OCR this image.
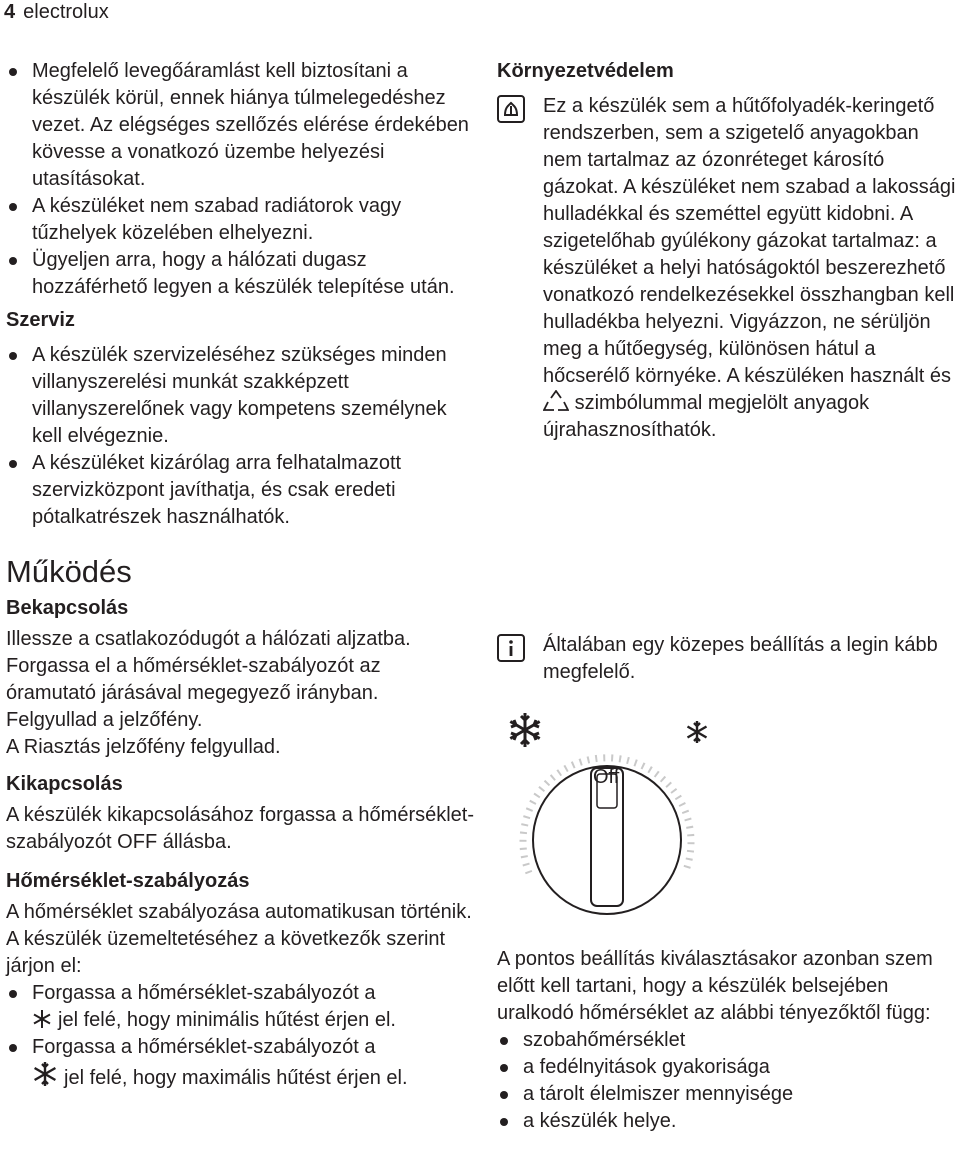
4 electrolux
Megfelelő levegőáramlást kell biztosítani a készülék körül, ennek hiánya túlmelegedéshez vezet. Az elégséges szellőzés elérése érdekében kövesse a vonatkozó üzembe helyezési utasításokat.
A készüléket nem szabad radiátorok vagy tűzhelyek közelében elhelyezni.
Ügyeljen arra, hogy a hálózati dugasz hozzáférhető legyen a készülék telepítése után.

Szerviz

A készülék szervizeléséhez szükséges minden villanyszerelési munkát szakképzett villanyszerelőnek vagy kompetens személynek kell elvégeznie.
A készüléket kizárólag arra felhatalmazott szervizközpont javíthatja, és csak eredeti pótalkatrészek használhatók.

Működés

Bekapcsolás

Illessze a csatlakozódugót a hálózati aljzatba.

Forgassa el a hőmérséklet-szabályozót az óramutató járásával megegyező irányban.

Felgyullad a jelzőfény.

A Riasztás jelzőfény felgyullad.

Kikapcsolás

A készülék kikapcsolásához forgassa a hőmérséklet-szabályozót OFF állásba.

Hőmérséklet-szabályozás

A hőmérséklet szabályozása automatikusan történik.

A készülék üzemeltetéséhez a következők szerint járjon el:

Forgassa a hőmérséklet-szabályozót a
jel felé, hogy minimális hűtést érjen el.
Forgassa a hőmérséklet-szabályozót a
jel felé, hogy maximális hűtést érjen el.

Környezetvédelem

Ez a készülék sem a hűtőfolyadék-keringető rendszerben, sem a szigetelő anyagokban nem tartalmaz az ózonréteget károsító gázokat. A készüléket nem szabad a lakossági hulladékkal és szeméttel együtt kidobni. A szigetelőhab gyúlékony gázokat tartalmaz: a készüléket a helyi hatóságoktól beszerezhető vonatkozó rendelkezésekkel összhangban kell hulladékba helyezni. Vigyázzon, ne sérüljön meg a hűtőegység, különösen hátul a hőcserélő környéke. A készüléken használt és  szimbólummal megjelölt anyagok újrahasznosíthatók.

Általában egy közepes beállítás a legin kább megfelelő.

Off

A pontos beállítás kiválasztásakor azonban szem előtt kell tartani, hogy a készülék belsejében uralkodó hőmérséklet az alábbi tényezőktől függ:

szobahőmérséklet
a fedélnyitások gyakorisága
a tárolt élelmiszer mennyisége
a készülék helye.
